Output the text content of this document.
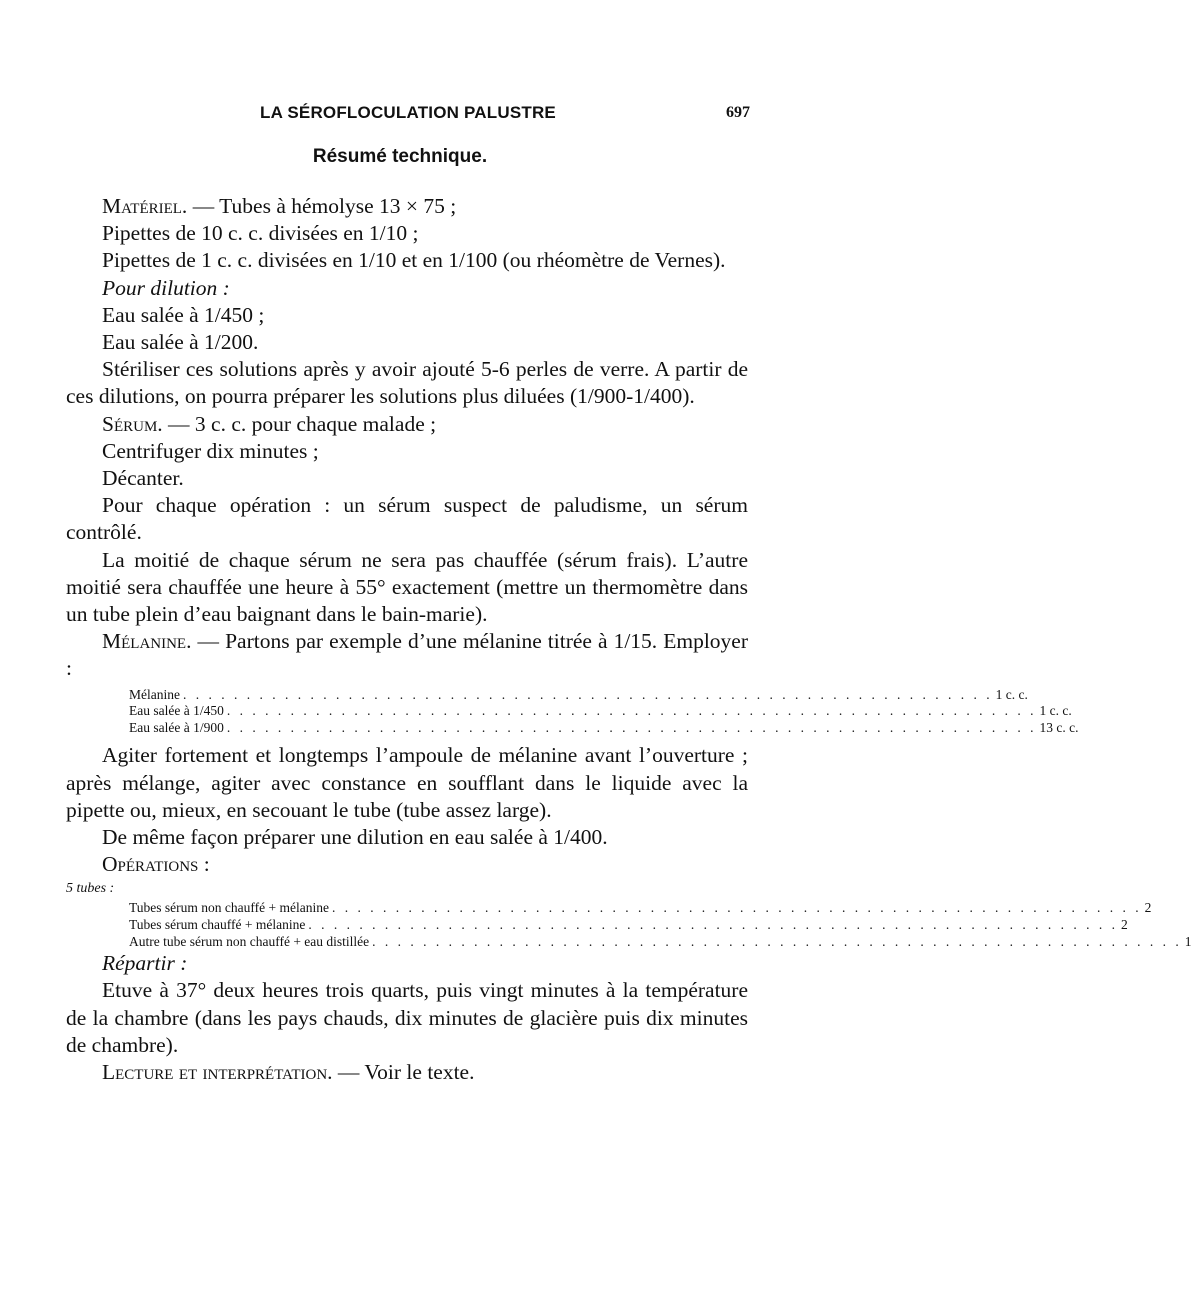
LA SÉROFLOCULATION PALUSTRE	697
Résumé technique.

Matériel. — Tubes à hémolyse 13 × 75 ;

Pipettes de 10 c. c. divisées en 1/10 ;

Pipettes de 1 c. c. divisées en 1/10 et en 1/100 (ou rhéomètre de Vernes).

Pour dilution :

Eau salée à 1/450 ;

Eau salée à 1/200.

Stériliser ces solutions après y avoir ajouté 5-6 perles de verre. A partir de ces dilutions, on pourra préparer les solutions plus diluées (1/900-1/400).

Sérum. — 3 c. c. pour chaque malade ;

Centrifuger dix minutes ;

Décanter.

Pour chaque opération : un sérum suspect de paludisme, un sérum contrôlé.

La moitié de chaque sérum ne sera pas chauffée (sérum frais). L’autre moitié sera chauffée une heure à 55° exactement (mettre un thermomètre dans un tube plein d’eau baignant dans le bain-marie).

Mélanine. — Partons par exemple d’une mélanine titrée à 1/15. Employer :

Mélanine . . . . . . . . . . . . . . . . . . . . . . . . . . . . . . . . . . . . . . . . . . . . . . . . . . . . . . . . . . . . . . . . 1 c. c.
Eau salée à 1/450 . . . . . . . . . . . . . . . . . . . . . . . . . . . . . . . . . . . . . . . . . . . . . . . . . . . . . . . . . . . . . . . . 1 c. c.
Eau salée à 1/900 . . . . . . . . . . . . . . . . . . . . . . . . . . . . . . . . . . . . . . . . . . . . . . . . . . . . . . . . . . . . . . . . 13 c. c.

Agiter fortement et longtemps l’ampoule de mélanine avant l’ouverture ; après mélange, agiter avec constance en soufflant dans le liquide avec la pipette ou, mieux, en secouant le tube (tube assez large).

De même façon préparer une dilution en eau salée à 1/400.

Opérations :

5 tubes :

Tubes sérum non chauffé + mélanine . . . . . . . . . . . . . . . . . . . . . . . . . . . . . . . . . . . . . . . . . . . . . . . . . . . . . . . . . . . . . . . . 2
Tubes sérum chauffé + mélanine . . . . . . . . . . . . . . . . . . . . . . . . . . . . . . . . . . . . . . . . . . . . . . . . . . . . . . . . . . . . . . . . 2
Autre tube sérum non chauffé + eau distillée . . . . . . . . . . . . . . . . . . . . . . . . . . . . . . . . . . . . . . . . . . . . . . . . . . . . . . . . . . . . . . . . 1

Répartir :

Etuve à 37° deux heures trois quarts, puis vingt minutes à la température de la chambre (dans les pays chauds, dix minutes de glacière puis dix minutes de chambre).

Lecture et interprétation. — Voir le texte.
